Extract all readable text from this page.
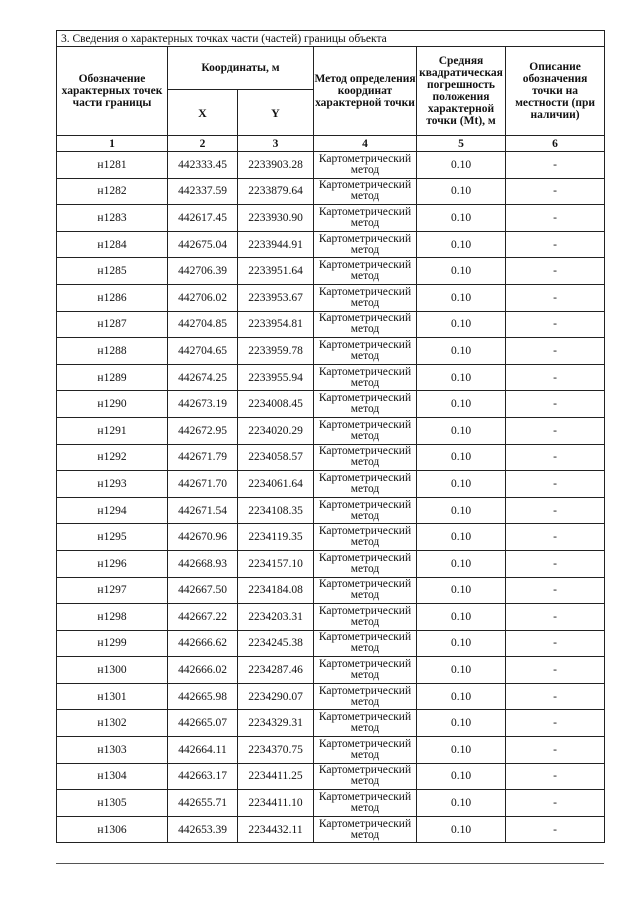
3. Сведения о характерных точках части (частей) границы объекта					
Обозначение характерных точек части границы	Координаты, м		Метод определения координат характерной точки	Средняя квадратическая погрешность положения характерной точки (Mt), м	Описание обозначения точки на местности (при наличии)
	X	Y			
1	2	3	4	5	6
н1281	442333.45	2233903.28	Картометрический метод	0.10	-
н1282	442337.59	2233879.64	Картометрический метод	0.10	-
н1283	442617.45	2233930.90	Картометрический метод	0.10	-
н1284	442675.04	2233944.91	Картометрический метод	0.10	-
н1285	442706.39	2233951.64	Картометрический метод	0.10	-
н1286	442706.02	2233953.67	Картометрический метод	0.10	-
н1287	442704.85	2233954.81	Картометрический метод	0.10	-
н1288	442704.65	2233959.78	Картометрический метод	0.10	-
н1289	442674.25	2233955.94	Картометрический метод	0.10	-
н1290	442673.19	2234008.45	Картометрический метод	0.10	-
н1291	442672.95	2234020.29	Картометрический метод	0.10	-
н1292	442671.79	2234058.57	Картометрический метод	0.10	-
н1293	442671.70	2234061.64	Картометрический метод	0.10	-
н1294	442671.54	2234108.35	Картометрический метод	0.10	-
н1295	442670.96	2234119.35	Картометрический метод	0.10	-
н1296	442668.93	2234157.10	Картометрический метод	0.10	-
н1297	442667.50	2234184.08	Картометрический метод	0.10	-
н1298	442667.22	2234203.31	Картометрический метод	0.10	-
н1299	442666.62	2234245.38	Картометрический метод	0.10	-
н1300	442666.02	2234287.46	Картометрический метод	0.10	-
н1301	442665.98	2234290.07	Картометрический метод	0.10	-
н1302	442665.07	2234329.31	Картометрический метод	0.10	-
н1303	442664.11	2234370.75	Картометрический метод	0.10	-
н1304	442663.17	2234411.25	Картометрический метод	0.10	-
н1305	442655.71	2234411.10	Картометрический метод	0.10	-
н1306	442653.39	2234432.11	Картометрический метод	0.10	-
